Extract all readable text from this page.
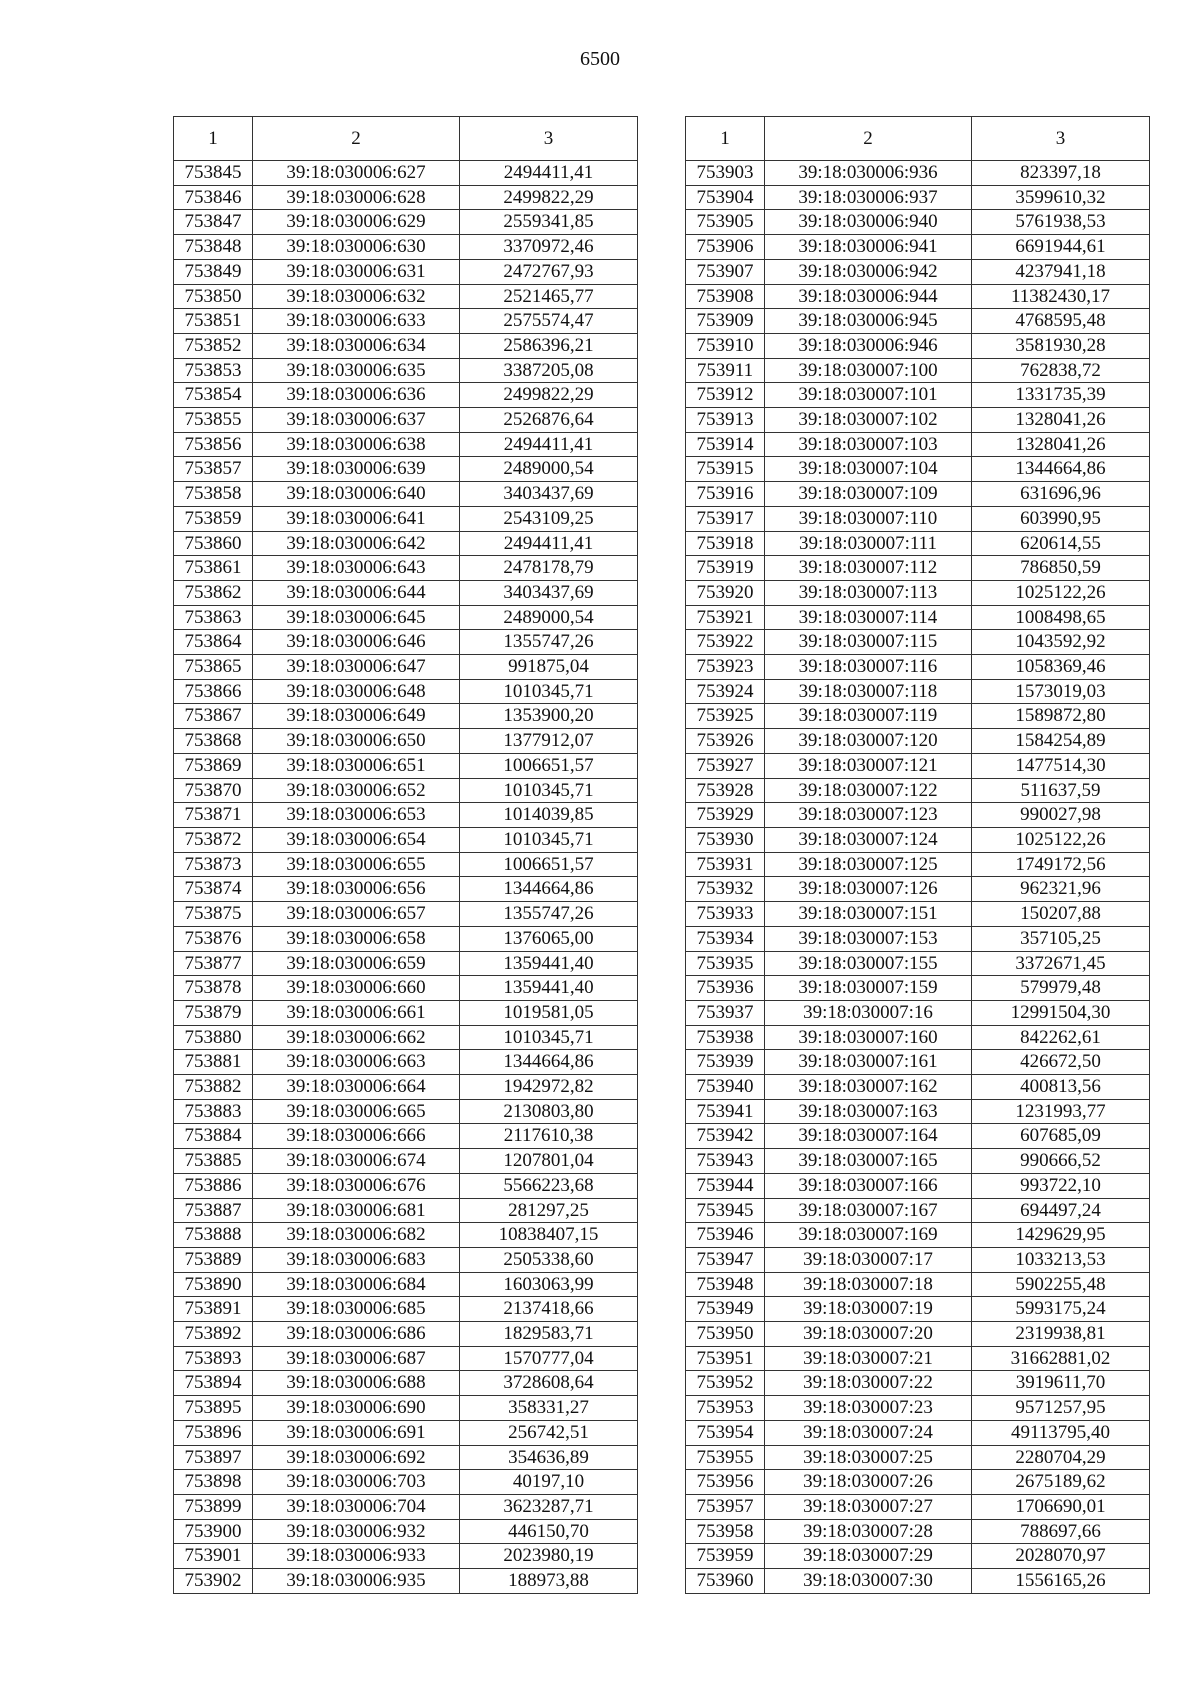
6500
1	2	3
753845	39:18:030006:627	2494411,41
753846	39:18:030006:628	2499822,29
753847	39:18:030006:629	2559341,85
753848	39:18:030006:630	3370972,46
753849	39:18:030006:631	2472767,93
753850	39:18:030006:632	2521465,77
753851	39:18:030006:633	2575574,47
753852	39:18:030006:634	2586396,21
753853	39:18:030006:635	3387205,08
753854	39:18:030006:636	2499822,29
753855	39:18:030006:637	2526876,64
753856	39:18:030006:638	2494411,41
753857	39:18:030006:639	2489000,54
753858	39:18:030006:640	3403437,69
753859	39:18:030006:641	2543109,25
753860	39:18:030006:642	2494411,41
753861	39:18:030006:643	2478178,79
753862	39:18:030006:644	3403437,69
753863	39:18:030006:645	2489000,54
753864	39:18:030006:646	1355747,26
753865	39:18:030006:647	991875,04
753866	39:18:030006:648	1010345,71
753867	39:18:030006:649	1353900,20
753868	39:18:030006:650	1377912,07
753869	39:18:030006:651	1006651,57
753870	39:18:030006:652	1010345,71
753871	39:18:030006:653	1014039,85
753872	39:18:030006:654	1010345,71
753873	39:18:030006:655	1006651,57
753874	39:18:030006:656	1344664,86
753875	39:18:030006:657	1355747,26
753876	39:18:030006:658	1376065,00
753877	39:18:030006:659	1359441,40
753878	39:18:030006:660	1359441,40
753879	39:18:030006:661	1019581,05
753880	39:18:030006:662	1010345,71
753881	39:18:030006:663	1344664,86
753882	39:18:030006:664	1942972,82
753883	39:18:030006:665	2130803,80
753884	39:18:030006:666	2117610,38
753885	39:18:030006:674	1207801,04
753886	39:18:030006:676	5566223,68
753887	39:18:030006:681	281297,25
753888	39:18:030006:682	10838407,15
753889	39:18:030006:683	2505338,60
753890	39:18:030006:684	1603063,99
753891	39:18:030006:685	2137418,66
753892	39:18:030006:686	1829583,71
753893	39:18:030006:687	1570777,04
753894	39:18:030006:688	3728608,64
753895	39:18:030006:690	358331,27
753896	39:18:030006:691	256742,51
753897	39:18:030006:692	354636,89
753898	39:18:030006:703	40197,10
753899	39:18:030006:704	3623287,71
753900	39:18:030006:932	446150,70
753901	39:18:030006:933	2023980,19
753902	39:18:030006:935	188973,88
1	2	3
753903	39:18:030006:936	823397,18
753904	39:18:030006:937	3599610,32
753905	39:18:030006:940	5761938,53
753906	39:18:030006:941	6691944,61
753907	39:18:030006:942	4237941,18
753908	39:18:030006:944	11382430,17
753909	39:18:030006:945	4768595,48
753910	39:18:030006:946	3581930,28
753911	39:18:030007:100	762838,72
753912	39:18:030007:101	1331735,39
753913	39:18:030007:102	1328041,26
753914	39:18:030007:103	1328041,26
753915	39:18:030007:104	1344664,86
753916	39:18:030007:109	631696,96
753917	39:18:030007:110	603990,95
753918	39:18:030007:111	620614,55
753919	39:18:030007:112	786850,59
753920	39:18:030007:113	1025122,26
753921	39:18:030007:114	1008498,65
753922	39:18:030007:115	1043592,92
753923	39:18:030007:116	1058369,46
753924	39:18:030007:118	1573019,03
753925	39:18:030007:119	1589872,80
753926	39:18:030007:120	1584254,89
753927	39:18:030007:121	1477514,30
753928	39:18:030007:122	511637,59
753929	39:18:030007:123	990027,98
753930	39:18:030007:124	1025122,26
753931	39:18:030007:125	1749172,56
753932	39:18:030007:126	962321,96
753933	39:18:030007:151	150207,88
753934	39:18:030007:153	357105,25
753935	39:18:030007:155	3372671,45
753936	39:18:030007:159	579979,48
753937	39:18:030007:16	12991504,30
753938	39:18:030007:160	842262,61
753939	39:18:030007:161	426672,50
753940	39:18:030007:162	400813,56
753941	39:18:030007:163	1231993,77
753942	39:18:030007:164	607685,09
753943	39:18:030007:165	990666,52
753944	39:18:030007:166	993722,10
753945	39:18:030007:167	694497,24
753946	39:18:030007:169	1429629,95
753947	39:18:030007:17	1033213,53
753948	39:18:030007:18	5902255,48
753949	39:18:030007:19	5993175,24
753950	39:18:030007:20	2319938,81
753951	39:18:030007:21	31662881,02
753952	39:18:030007:22	3919611,70
753953	39:18:030007:23	9571257,95
753954	39:18:030007:24	49113795,40
753955	39:18:030007:25	2280704,29
753956	39:18:030007:26	2675189,62
753957	39:18:030007:27	1706690,01
753958	39:18:030007:28	788697,66
753959	39:18:030007:29	2028070,97
753960	39:18:030007:30	1556165,26
